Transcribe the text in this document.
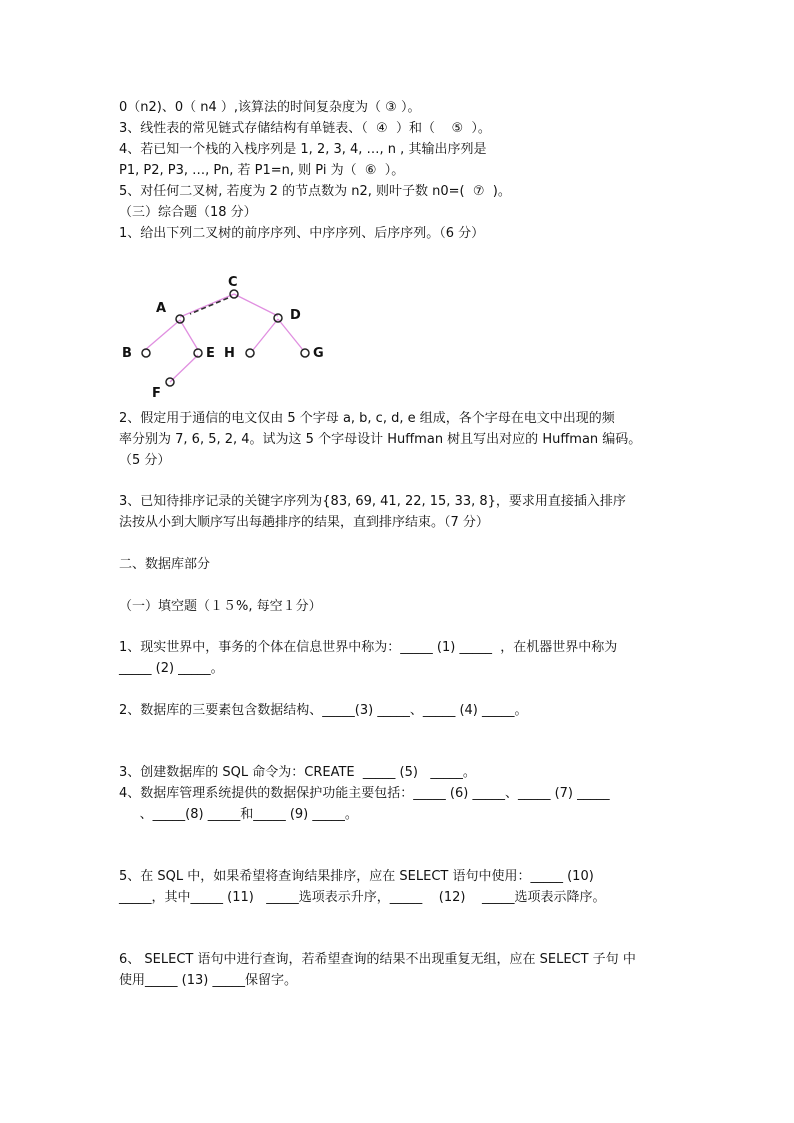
0（n2)、0（ n4 ）,该算法的时间复杂度为（ ③ ）。
3、线性表的常见链式存储结构有单链表、（  ④  ）和（    ⑤  ）。
4、若已知一个栈的入栈序列是 1, 2, 3, 4, …, n , 其输出序列是
P1, P2, P3, …, Pn, 若 P1=n, 则 Pi 为（  ⑥  ）。
5、对任何二叉树, 若度为 2 的节点数为 n2, 则叶子数 n0=(  ⑦  )。
（三）综合题（18 分）
1、给出下列二叉树的前序序列、中序序列、后序序列。（6 分）
C
A	D
B	E H	G
F
2、假定用于通信的电文仅由 5 个字母 a, b, c, d, e 组成，各个字母在电文中出现的频
率分别为 7, 6, 5, 2, 4。试为这 5 个字母设计 Huffman 树且写出对应的 Huffman 编码。
（5 分）
3、已知待排序记录的关键字序列为{83, 69, 41, 22, 15, 33, 8}，要求用直接插入排序
法按从小到大顺序写出每趟排序的结果，直到排序结束。（7 分）
二、数据库部分
（一）填空题（１５%, 每空１分）
1、现实世界中，事务的个体在信息世界中称为：_____ (1) _____  ，在机器世界中称为
_____ (2) _____。
2、数据库的三要素包含数据结构、_____(3) _____、_____ (4) _____。
3、创建数据库的 SQL 命令为：CREATE  _____ (5)   _____。
4、数据库管理系统提供的数据保护功能主要包括：_____ (6) _____、_____ (7) _____
、_____(8) _____和_____ (9) _____。
5、在 SQL 中，如果希望将查询结果排序，应在 SELECT 语句中使用：_____ (10)
_____，其中_____ (11)   _____选项表示升序，_____    (12)    _____选项表示降序。
6、 SELECT 语句中进行查询，若希望查询的结果不出现重复无组，应在 SELECT 子句 中
使用_____ (13) _____保留字。
